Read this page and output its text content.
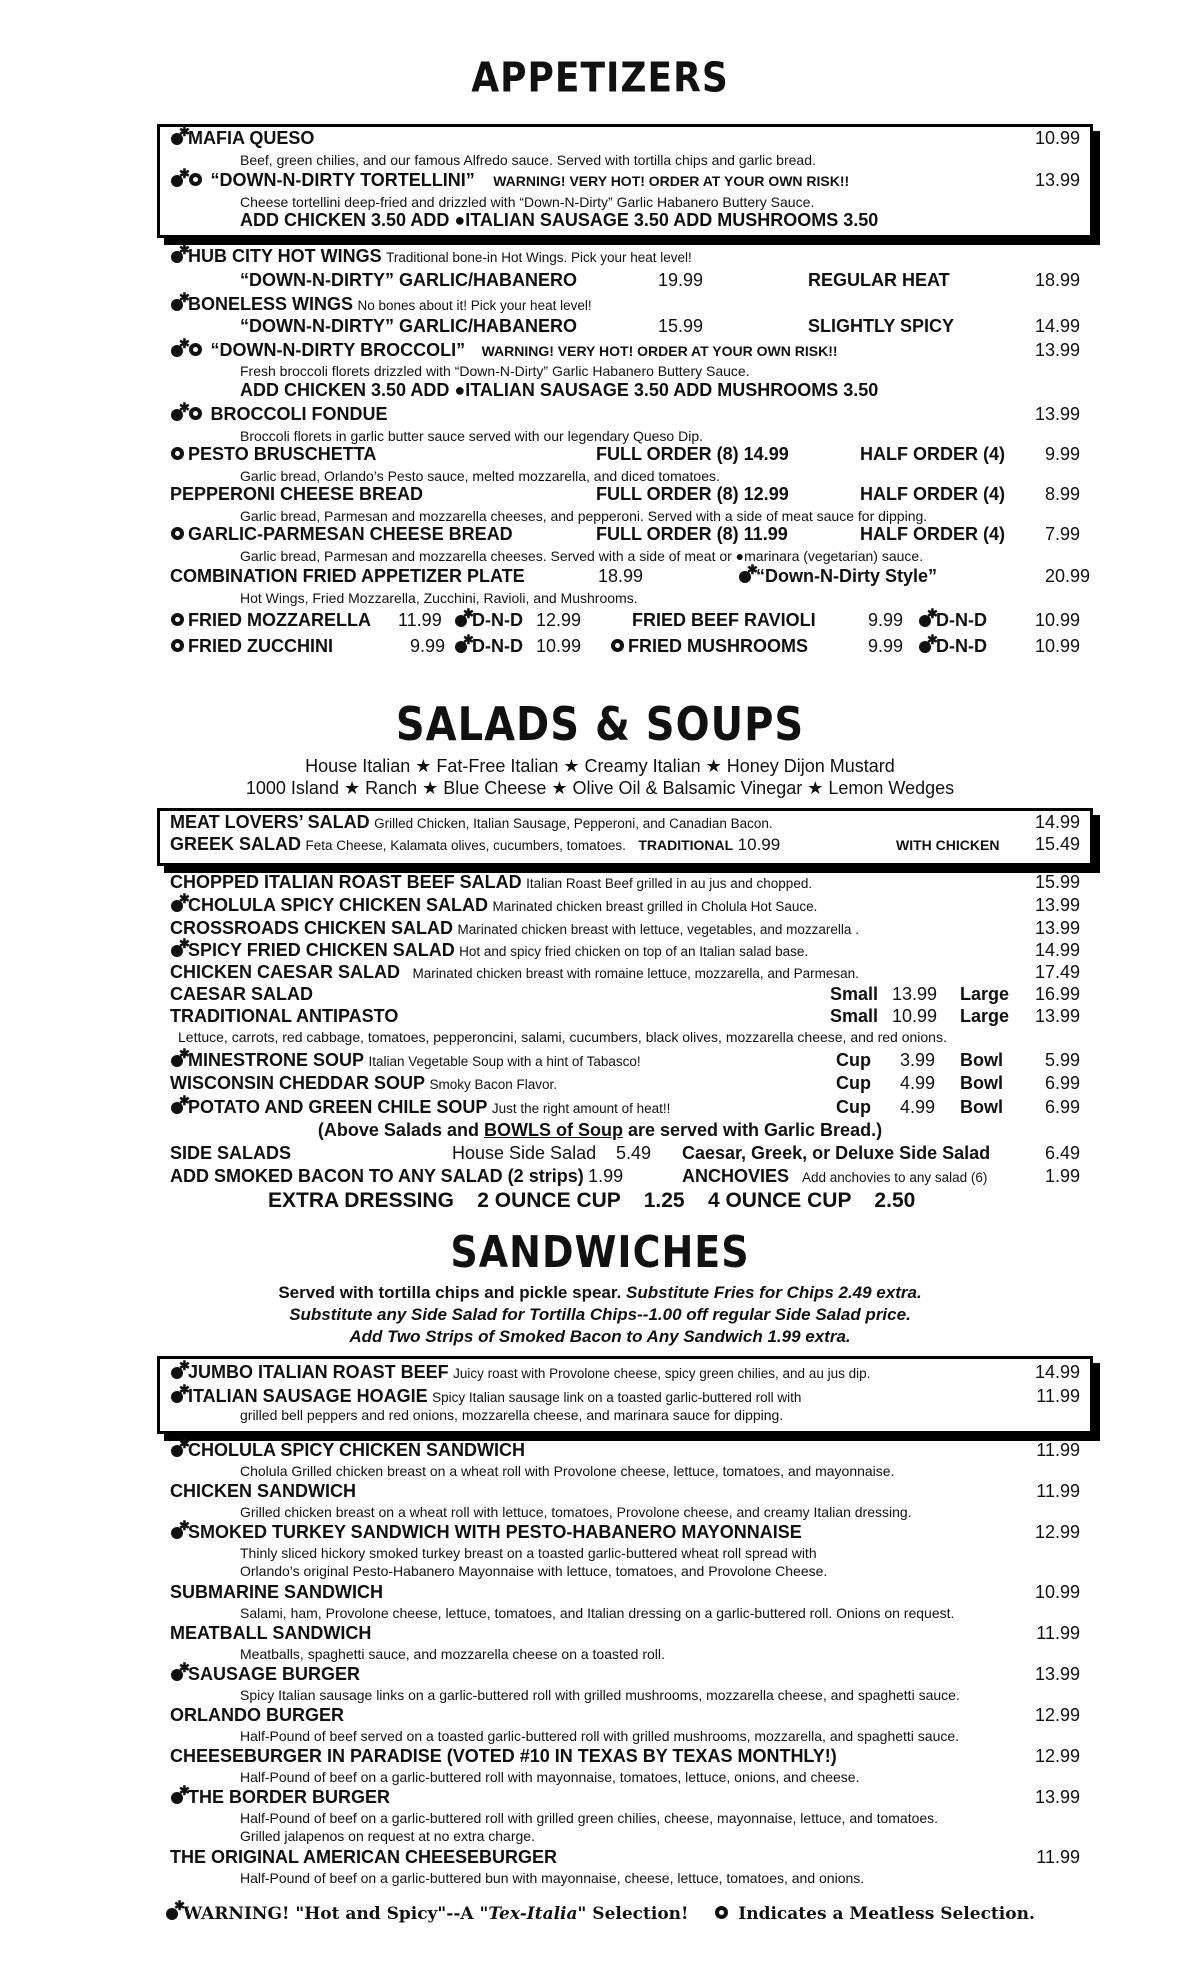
APPETIZERS
✱MAFIA QUESO	10.99
Beef, green chilies, and our famous Alfredo sauce. Served with tortilla chips and garlic bread.
✱ “DOWN-N-DIRTY TORTELLINI” WARNING! VERY HOT! ORDER AT YOUR OWN RISK!!	13.99
Cheese tortellini deep-fried and drizzled with “Down-N-Dirty” Garlic Habanero Buttery Sauce.
ADD CHICKEN 3.50 ADD ●ITALIAN SAUSAGE 3.50 ADD MUSHROOMS 3.50
✱HUB CITY HOT WINGS Traditional bone-in Hot Wings. Pick your heat level!
“DOWN-N-DIRTY” GARLIC/HABANERO	19.99	REGULAR HEAT	18.99
✱BONELESS WINGS No bones about it! Pick your heat level!
“DOWN-N-DIRTY” GARLIC/HABANERO	15.99	SLIGHTLY SPICY	14.99
✱ “DOWN-N-DIRTY BROCCOLI” WARNING! VERY HOT! ORDER AT YOUR OWN RISK!!	13.99
Fresh broccoli florets drizzled with “Down-N-Dirty” Garlic Habanero Buttery Sauce.
ADD CHICKEN 3.50 ADD ●ITALIAN SAUSAGE 3.50 ADD MUSHROOMS 3.50
✱ BROCCOLI FONDUE	13.99
Broccoli florets in garlic butter sauce served with our legendary Queso Dip.
PESTO BRUSCHETTA	FULL ORDER (8) 14.99	HALF ORDER (4) 9.99
Garlic bread, Orlando’s Pesto sauce, melted mozzarella, and diced tomatoes.
PEPPERONI CHEESE BREAD	FULL ORDER (8) 12.99	HALF ORDER (4) 8.99
Garlic bread, Parmesan and mozzarella cheeses, and pepperoni. Served with a side of meat sauce for dipping.
GARLIC-PARMESAN CHEESE BREAD	FULL ORDER (8) 11.99	HALF ORDER (4) 7.99
Garlic bread, Parmesan and mozzarella cheeses. Served with a side of meat or ●marinara (vegetarian) sauce.
COMBINATION FRIED APPETIZER PLATE	18.99 ✱	“Down-N-Dirty Style”	20.99
Hot Wings, Fried Mozzarella, Zucchini, Ravioli, and Mushrooms.
FRIED MOZZARELLA 11.99 ✱	D-N-D 12.99	FRIED BEEF RAVIOLI	9.99 ✱	D-N-D	10.99
FRIED ZUCCHINI	9.99 ✱	D-N-D 10.99	FRIED MUSHROOMS	9.99 ✱	D-N-D	10.99
SALADS & SOUPS
House Italian ★ Fat-Free Italian ★ Creamy Italian ★ Honey Dijon Mustard
1000 Island ★ Ranch ★ Blue Cheese ★ Olive Oil & Balsamic Vinegar ★ Lemon Wedges
MEAT LOVERS’ SALAD Grilled Chicken, Italian Sausage, Pepperoni, and Canadian Bacon.	14.99
GREEK SALAD Feta Cheese, Kalamata olives, cucumbers, tomatoes. TRADITIONAL 10.99	WITH CHICKEN 15.49
CHOPPED ITALIAN ROAST BEEF SALAD Italian Roast Beef grilled in au jus and chopped.	15.99
✱CHOLULA SPICY CHICKEN SALAD Marinated chicken breast grilled in Cholula Hot Sauce.	13.99
CROSSROADS CHICKEN SALAD Marinated chicken breast with lettuce, vegetables, and mozzarella .	13.99
✱SPICY FRIED CHICKEN SALAD Hot and spicy fried chicken on top of an Italian salad base.	14.99
CHICKEN CAESAR SALAD Marinated chicken breast with romaine lettuce, mozzarella, and Parmesan.	17.49
CAESAR SALAD	Small 13.99 Large 16.99
TRADITIONAL ANTIPASTO	Small 10.99 Large 13.99
Lettuce, carrots, red cabbage, tomatoes, pepperoncini, salami, cucumbers, black olives, mozzarella cheese, and red onions.
✱MINESTRONE SOUP Italian Vegetable Soup with a hint of Tabasco!	Cup 3.99 Bowl 5.99
WISCONSIN CHEDDAR SOUP Smoky Bacon Flavor.	Cup 4.99 Bowl 6.99
✱POTATO AND GREEN CHILE SOUP Just the right amount of heat!!	Cup 4.99 Bowl 6.99
(Above Salads and BOWLS of Soup are served with Garlic Bread.)
SIDE SALADS	House Side Salad 5.49 Caesar, Greek, or Deluxe Side Salad	6.49
ADD SMOKED BACON TO ANY SALAD (2 strips) 1.99	ANCHOVIES Add anchovies to any salad (6)	1.99
EXTRA DRESSING    2 OUNCE CUP    1.25    4 OUNCE CUP    2.50
SANDWICHES
Served with tortilla chips and pickle spear. Substitute Fries for Chips 2.49 extra.
Substitute any Side Salad for Tortilla Chips--1.00 off regular Side Salad price.
Add Two Strips of Smoked Bacon to Any Sandwich 1.99 extra.
✱JUMBO ITALIAN ROAST BEEF Juicy roast with Provolone cheese, spicy green chilies, and au jus dip.	14.99
✱ITALIAN SAUSAGE HOAGIE Spicy Italian sausage link on a toasted garlic-buttered roll with	11.99
grilled bell peppers and red onions, mozzarella cheese, and marinara sauce for dipping.
✱CHOLULA SPICY CHICKEN SANDWICH	11.99
Cholula Grilled chicken breast on a wheat roll with Provolone cheese, lettuce, tomatoes, and mayonnaise.
CHICKEN SANDWICH	11.99
Grilled chicken breast on a wheat roll with lettuce, tomatoes, Provolone cheese, and creamy Italian dressing.
✱SMOKED TURKEY SANDWICH WITH PESTO-HABANERO MAYONNAISE	12.99
Thinly sliced hickory smoked turkey breast on a toasted garlic-buttered wheat roll spread with
Orlando’s original Pesto-Habanero Mayonnaise with lettuce, tomatoes, and Provolone Cheese.
SUBMARINE SANDWICH	10.99
Salami, ham, Provolone cheese, lettuce, tomatoes, and Italian dressing on a garlic-buttered roll. Onions on request.
MEATBALL SANDWICH	11.99
Meatballs, spaghetti sauce, and mozzarella cheese on a toasted roll.
✱SAUSAGE BURGER	13.99
Spicy Italian sausage links on a garlic-buttered roll with grilled mushrooms, mozzarella cheese, and spaghetti sauce.
ORLANDO BURGER	12.99
Half-Pound of beef served on a toasted garlic-buttered roll with grilled mushrooms, mozzarella, and spaghetti sauce.
CHEESEBURGER IN PARADISE (VOTED #10 IN TEXAS BY TEXAS MONTHLY!)	12.99
Half-Pound of beef on a garlic-buttered roll with mayonnaise, tomatoes, lettuce, onions, and cheese.
✱THE BORDER BURGER	13.99
Half-Pound of beef on a garlic-buttered roll with grilled green chilies, cheese, mayonnaise, lettuce, and tomatoes.
Grilled jalapenos on request at no extra charge.
THE ORIGINAL AMERICAN CHEESEBURGER	11.99
Half-Pound of beef on a garlic-buttered bun with mayonnaise, cheese, lettuce, tomatoes, and onions.
✱WARNING! "Hot and Spicy"--A "Tex-Italia" Selection!	Indicates a Meatless Selection.
